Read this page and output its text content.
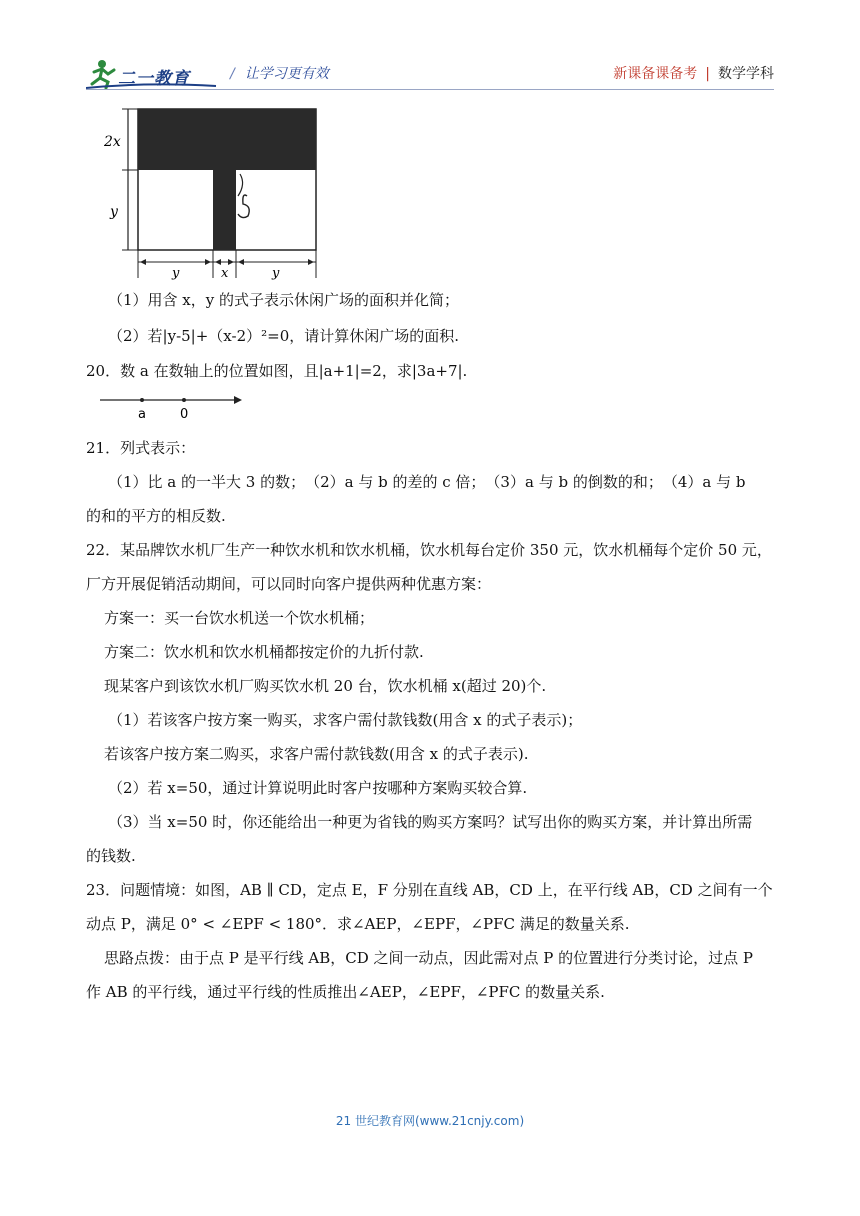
二一教育	/ 让学习更有效	新课备课备考 | 数学学科
2x
y
y	x	y
（1）用含 x，y 的式子表示休闲广场的面积并化简；
（2）若|y-5|+（x-2）²=0，请计算休闲广场的面积.
20．数 a 在数轴上的位置如图，且|a+1|=2，求|3a+7|.
a	0
21．列式表示：
（1）比 a 的一半大 3 的数；　（2）a 与 b 的差的 c 倍；　（3）a 与 b 的倒数的和；　（4）a 与 b
的和的平方的相反数.
22．某品牌饮水机厂生产一种饮水机和饮水机桶，饮水机每台定价 350 元，饮水机桶每个定价 50 元，
厂方开展促销活动期间，可以同时向客户提供两种优惠方案：
方案一：买一台饮水机送一个饮水机桶；
方案二：饮水机和饮水机桶都按定价的九折付款.
现某客户到该饮水机厂购买饮水机 20 台，饮水机桶 x(超过 20)个.
（1）若该客户按方案一购买，求客户需付款钱数(用含 x 的式子表示)；
若该客户按方案二购买，求客户需付款钱数(用含 x 的式子表示).
（2）若 x=50，通过计算说明此时客户按哪种方案购买较合算.
（3）当 x=50 时，你还能给出一种更为省钱的购买方案吗？试写出你的购买方案，并计算出所需
的钱数.
23．问题情境：如图，AB ∥ CD，定点 E，F 分别在直线 AB，CD 上，在平行线 AB，CD 之间有一个
动点 P，满足 0° < ∠EPF < 180°．求∠AEP，∠EPF，∠PFC 满足的数量关系.
思路点拨：由于点 P 是平行线 AB，CD 之间一动点，因此需对点 P 的位置进行分类讨论，过点 P
作 AB 的平行线，通过平行线的性质推出∠AEP，∠EPF，∠PFC 的数量关系.
21 世纪教育网(www.21cnjy.com)
